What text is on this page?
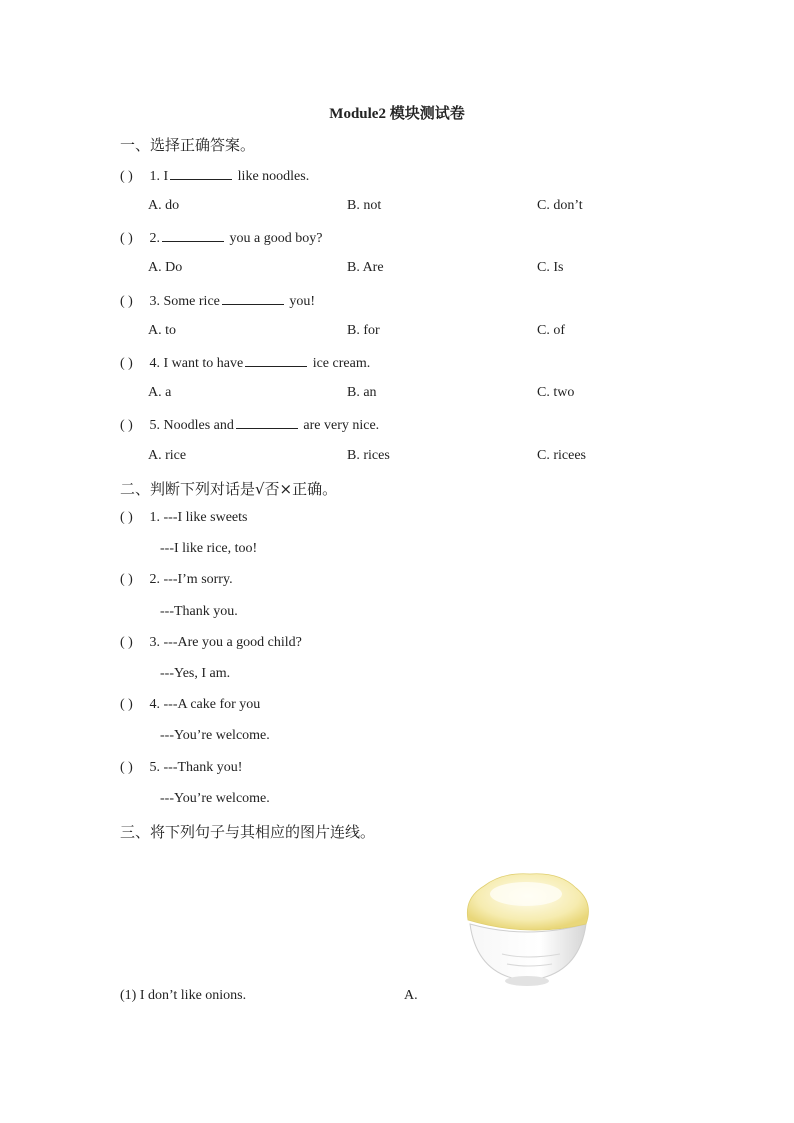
Module2 模块测试卷
一、选择正确答案。
( ) 1. I	like noodles.
A. do	B. not	C. don’t
( ) 2.	you a good boy?
A. Do	B. Are	C. Is
( ) 3. Some rice	you!
A. to	B. for	C. of
( ) 4. I want to have	ice cream.
A. a	B. an	C. two
( ) 5. Noodles and	are very nice.
A. rice	B. rices	C. ricees
二、判断下列对话是√否×正确。
( ) 1. ---I like sweets
---I like rice, too!
( ) 2. ---I’m sorry.
---Thank you.
( ) 3. ---Are you a good child?
---Yes, I am.
( ) 4. ---A cake for you
---You’re welcome.
( ) 5. ---Thank you!
---You’re welcome.
三、将下列句子与其相应的图片连线。
(1) I don’t like onions.	A.
